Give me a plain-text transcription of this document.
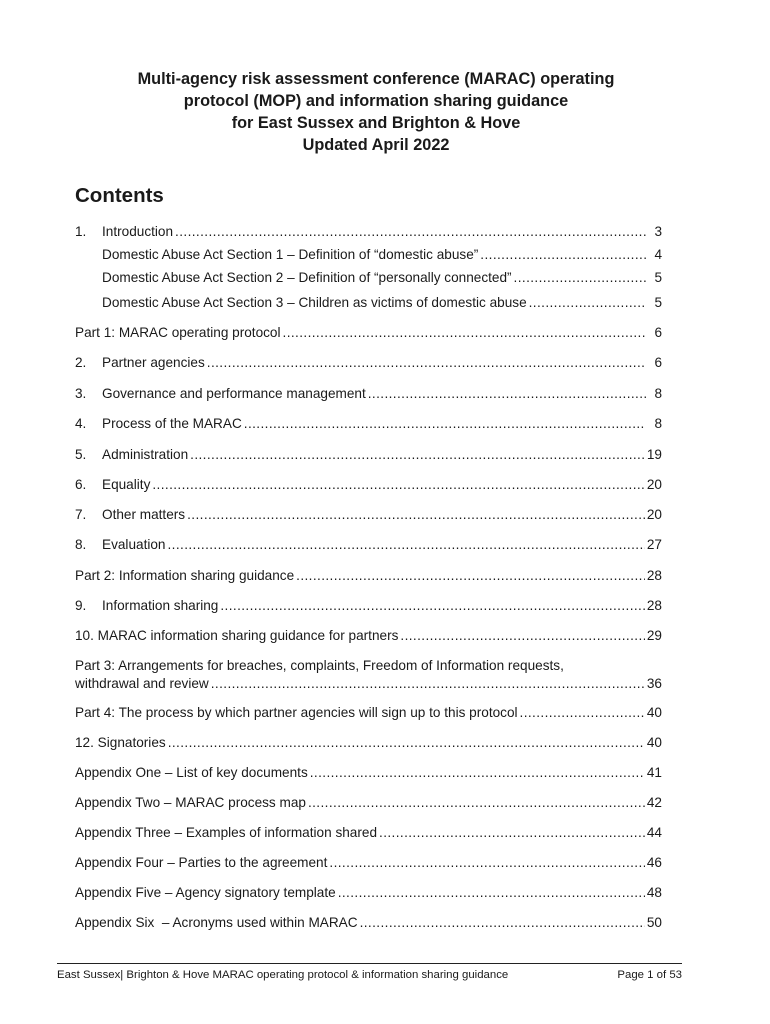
Multi-agency risk assessment conference (MARAC) operating
protocol (MOP) and information sharing guidance
for East Sussex and Brighton & Hove
Updated April 2022
Contents
1.	Introduction .....	3
Domestic Abuse Act Section 1 – Definition of “domestic abuse” .....	4
Domestic Abuse Act Section 2 – Definition of “personally connected” .....	5
Domestic Abuse Act Section 3 – Children as victims of domestic abuse .....	5
Part 1: MARAC operating protocol .....	6
2.	Partner agencies .....	6
3.	Governance and performance management .....	8
4.	Process of the MARAC .....	8
5.	Administration .....	19
6.	Equality .....	20
7.	Other matters .....	20
8.	Evaluation .....	27
Part 2: Information sharing guidance .....	28
9.	Information sharing .....	28
10. MARAC information sharing guidance for partners .....	29
Part 3: Arrangements for breaches, complaints, Freedom of Information requests,
withdrawal and review .....	36
Part 4: The process by which partner agencies will sign up to this protocol .....	40
12. Signatories .....	40
Appendix One – List of key documents .....	41
Appendix Two – MARAC process map .....	42
Appendix Three – Examples of information shared .....	44
Appendix Four – Parties to the agreement .....	46
Appendix Five – Agency signatory template .....	48
Appendix Six  – Acronyms used within MARAC .....	50
East Sussex| Brighton & Hove MARAC operating protocol & information sharing guidance	Page 1 of 53
